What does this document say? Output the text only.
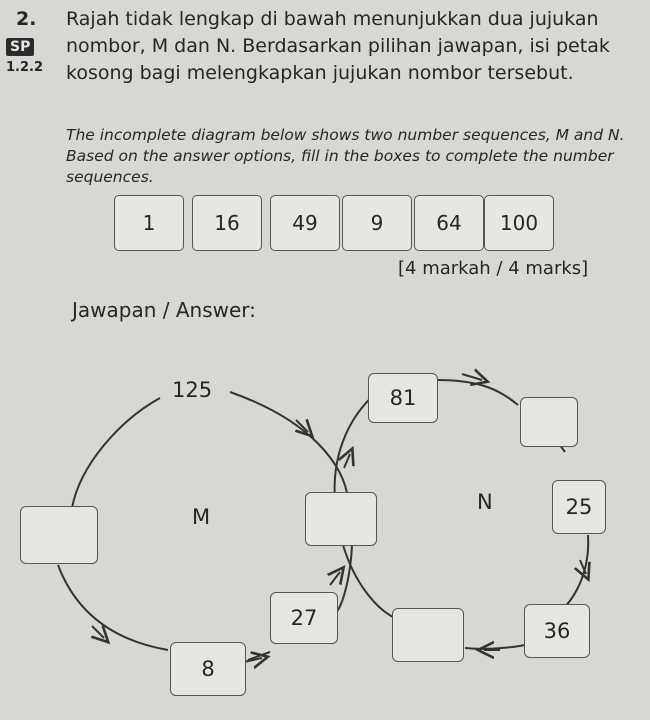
2.
SP
1.2.2
Rajah tidak lengkap di bawah menunjukkan dua jujukan nombor, M dan N. Berdasarkan pilihan jawapan, isi petak kosong bagi melengkapkan jujukan nombor tersebut.
The incomplete diagram below shows two number sequences, M and N. Based on the answer options, fill in the boxes to complete the number sequences.
1	16	49	9	64	100
[4 markah / 4 marks]
Jawapan / Answer:
125	81
M
N	25
27
36
8
